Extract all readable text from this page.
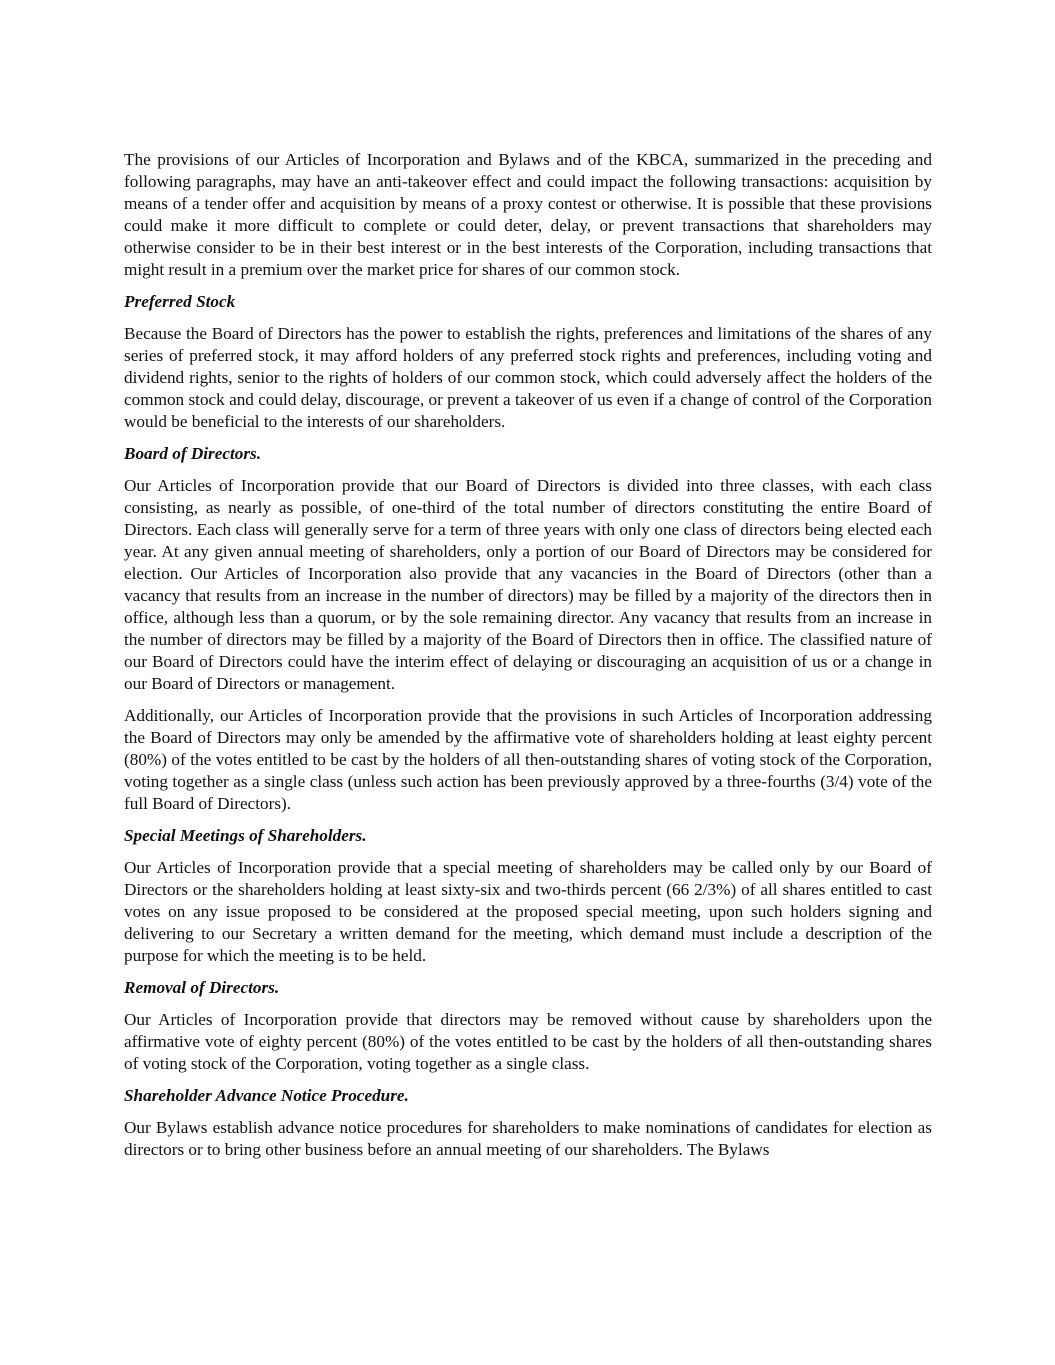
The provisions of our Articles of Incorporation and Bylaws and of the KBCA, summarized in the preceding and following paragraphs, may have an anti-takeover effect and could impact the following transactions: acquisition by means of a tender offer and acquisition by means of a proxy contest or otherwise. It is possible that these provisions could make it more difficult to complete or could deter, delay, or prevent transactions that shareholders may otherwise consider to be in their best interest or in the best interests of the Corporation, including transactions that might result in a premium over the market price for shares of our common stock.

Preferred Stock

Because the Board of Directors has the power to establish the rights, preferences and limitations of the shares of any series of preferred stock, it may afford holders of any preferred stock rights and preferences, including voting and dividend rights, senior to the rights of holders of our common stock, which could adversely affect the holders of the common stock and could delay, discourage, or prevent a takeover of us even if a change of control of the Corporation would be beneficial to the interests of our shareholders.

Board of Directors.

Our Articles of Incorporation provide that our Board of Directors is divided into three classes, with each class consisting, as nearly as possible, of one-third of the total number of directors constituting the entire Board of Directors. Each class will generally serve for a term of three years with only one class of directors being elected each year. At any given annual meeting of shareholders, only a portion of our Board of Directors may be considered for election. Our Articles of Incorporation also provide that any vacancies in the Board of Directors (other than a vacancy that results from an increase in the number of directors) may be filled by a majority of the directors then in office, although less than a quorum, or by the sole remaining director. Any vacancy that results from an increase in the number of directors may be filled by a majority of the Board of Directors then in office. The classified nature of our Board of Directors could have the interim effect of delaying or discouraging an acquisition of us or a change in our Board of Directors or management.

Additionally, our Articles of Incorporation provide that the provisions in such Articles of Incorporation addressing the Board of Directors may only be amended by the affirmative vote of shareholders holding at least eighty percent (80%) of the votes entitled to be cast by the holders of all then-outstanding shares of voting stock of the Corporation, voting together as a single class (unless such action has been previously approved by a three-fourths (3/4) vote of the full Board of Directors).

Special Meetings of Shareholders.

Our Articles of Incorporation provide that a special meeting of shareholders may be called only by our Board of Directors or the shareholders holding at least sixty-six and two-thirds percent (66 2/3%) of all shares entitled to cast votes on any issue proposed to be considered at the proposed special meeting, upon such holders signing and delivering to our Secretary a written demand for the meeting, which demand must include a description of the purpose for which the meeting is to be held.

Removal of Directors.

Our Articles of Incorporation provide that directors may be removed without cause by shareholders upon the affirmative vote of eighty percent (80%) of the votes entitled to be cast by the holders of all then-outstanding shares of voting stock of the Corporation, voting together as a single class.

Shareholder Advance Notice Procedure.

Our Bylaws establish advance notice procedures for shareholders to make nominations of candidates for election as directors or to bring other business before an annual meeting of our shareholders. The Bylaws
